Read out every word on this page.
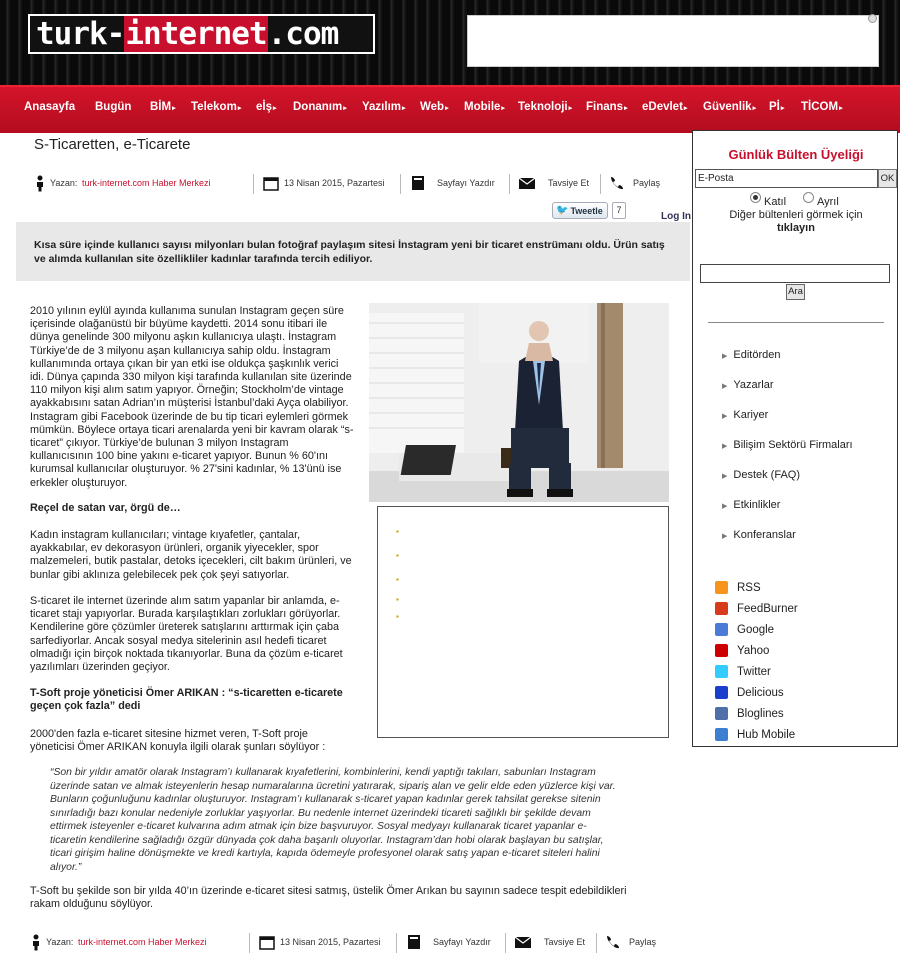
turk- internet .com
Anasayfa Bugün BİM▸ Telekom▸ eİş▸ Donanım▸ Yazılım▸ Web▸ Mobile▸ Teknoloji▸ Finans▸ eDevlet▸ Güvenlik▸ Pİ▸ TİCOM▸
S-Ticaretten, e-Ticarete
Yazan: turk-internet.com Haber Merkezi	13 Nisan 2015, Pazartesi	Sayfayı Yazdır	Tavsiye Et	Paylaş
🐦 Tweetle	7
Log In
Kısa süre içinde kullanıcı sayısı milyonları bulan fotoğraf paylaşım sitesi İnstagram yeni bir ticaret enstrümanı oldu. Ürün satış ve alımda kullanılan site özellikliler kadınlar tarafında tercih ediliyor.
2010 yılının eylül ayında kullanıma sunulan Instagram geçen süre
içerisinde olağanüstü bir büyüme kaydetti. 2014 sonu itibari ile
dünya genelinde 300 milyonu aşkın kullanıcıya ulaştı. İnstagram
Türkiye’de de 3 milyonu aşan kullanıcıya sahip oldu. İnstagram
kullanımında ortaya çıkan bir yan etki ise oldukça şaşkınlık verici
idi. Dünya çapında 330 milyon kişi tarafında kullanılan site üzerinde
110 milyon kişi alım satım yapıyor. Örneğin; Stockholm’de vintage
ayakkabısını satan Adrian’ın müşterisi İstanbul’daki Ayça olabiliyor.
Instagram gibi Facebook üzerinde de bu tip ticari eylemleri görmek
mümkün. Böylece ortaya ticari arenalarda yeni bir kavram olarak “s-
ticaret” çıkıyor. Türkiye’de bulunan 3 milyon Instagram
kullanıcısının 100 bine yakını e-ticaret yapıyor. Bunun % 60'ını
kurumsal kullanıcılar oluşturuyor. % 27'sini kadınlar, % 13'ünü ise
erkekler oluşturuyor.
Reçel de satan var, örgü de…
Kadın instagram kullanıcıları; vintage kıyafetler, çantalar,
ayakkabılar, ev dekorasyon ürünleri, organik yiyecekler, spor
malzemeleri, butik pastalar, detoks içecekleri, cilt bakım ürünleri, ve
bunlar gibi aklınıza gelebilecek pek çok şeyi satıyorlar.
S-ticaret ile internet üzerinde alım satım yapanlar bir anlamda, e-
ticaret stajı yapıyorlar. Burada karşılaştıkları zorlukları görüyorlar.
Kendilerine göre çözümler üreterek satışlarını arttırmak için çaba
sarfediyorlar. Ancak sosyal medya sitelerinin asıl hedefi ticaret
olmadığı için birçok noktada tıkanıyorlar. Buna da çözüm e-ticaret
yazılımları üzerinden geçiyor.
T-Soft proje yöneticisi Ömer ARIKAN : “s-ticaretten e-ticarete
geçen çok fazla” dedi
2000'den fazla e-ticaret sitesine hizmet veren, T-Soft proje
yöneticisi Ömer ARIKAN konuyla ilgili olarak şunları söylüyor :
“Son bir yıldır amatör olarak Instagram’ı kullanarak kıyafetlerini, kombinlerini, kendi yaptığı takıları, sabunları Instagram
üzerinde satan ve almak isteyenlerin hesap numaralarına ücretini yatırarak, sipariş alan ve gelir elde eden yüzlerce kişi var.
Bunların çoğunluğunu kadınlar oluşturuyor. Instagram’ı kullanarak s-ticaret yapan kadınlar gerek tahsilat gerekse sitenin
sınırladığı bazı konular nedeniyle zorluklar yaşıyorlar. Bu nedenle internet üzerindeki ticareti sağlıklı bir şekilde devam
ettirmek isteyenler e-ticaret kulvarına adım atmak için bize başvuruyor. Sosyal medyayı kullanarak ticaret yapanlar e-
ticaretin kendilerine sağladığı özgür dünyada çok daha başarılı oluyorlar. Instagram’dan hobi olarak başlayan bu satışlar,
ticari girişim haline dönüşmekte ve kredi kartıyla, kapıda ödemeyle profesyonel olarak satış yapan e-ticaret siteleri halini
alıyor.”
T-Soft bu şekilde son bir yılda 40’ın üzerinde e-ticaret sitesi satmış, üstelik Ömer Arıkan bu sayının sadece tespit edebildikleri
rakam olduğunu söylüyor.
▪
▪
▪
▪
▪
Yazan: turk-internet.com Haber Merkezi	13 Nisan 2015, Pazartesi	Sayfayı Yazdır	Tavsiye Et	Paylaş
Günlük Bülten Üyeliği
E-Posta
OK
Katıl	Ayrıl
Diğer bültenleri görmek için
tıklayın
Ara
▶ Editörden
▶ Yazarlar
▶ Kariyer
▶ Bilişim Sektörü Firmaları
▶ Destek (FAQ)
▶ Etkinlikler
▶ Konferanslar
RSS
FeedBurner
Google
Yahoo
Twitter
Delicious
Bloglines
Hub Mobile
